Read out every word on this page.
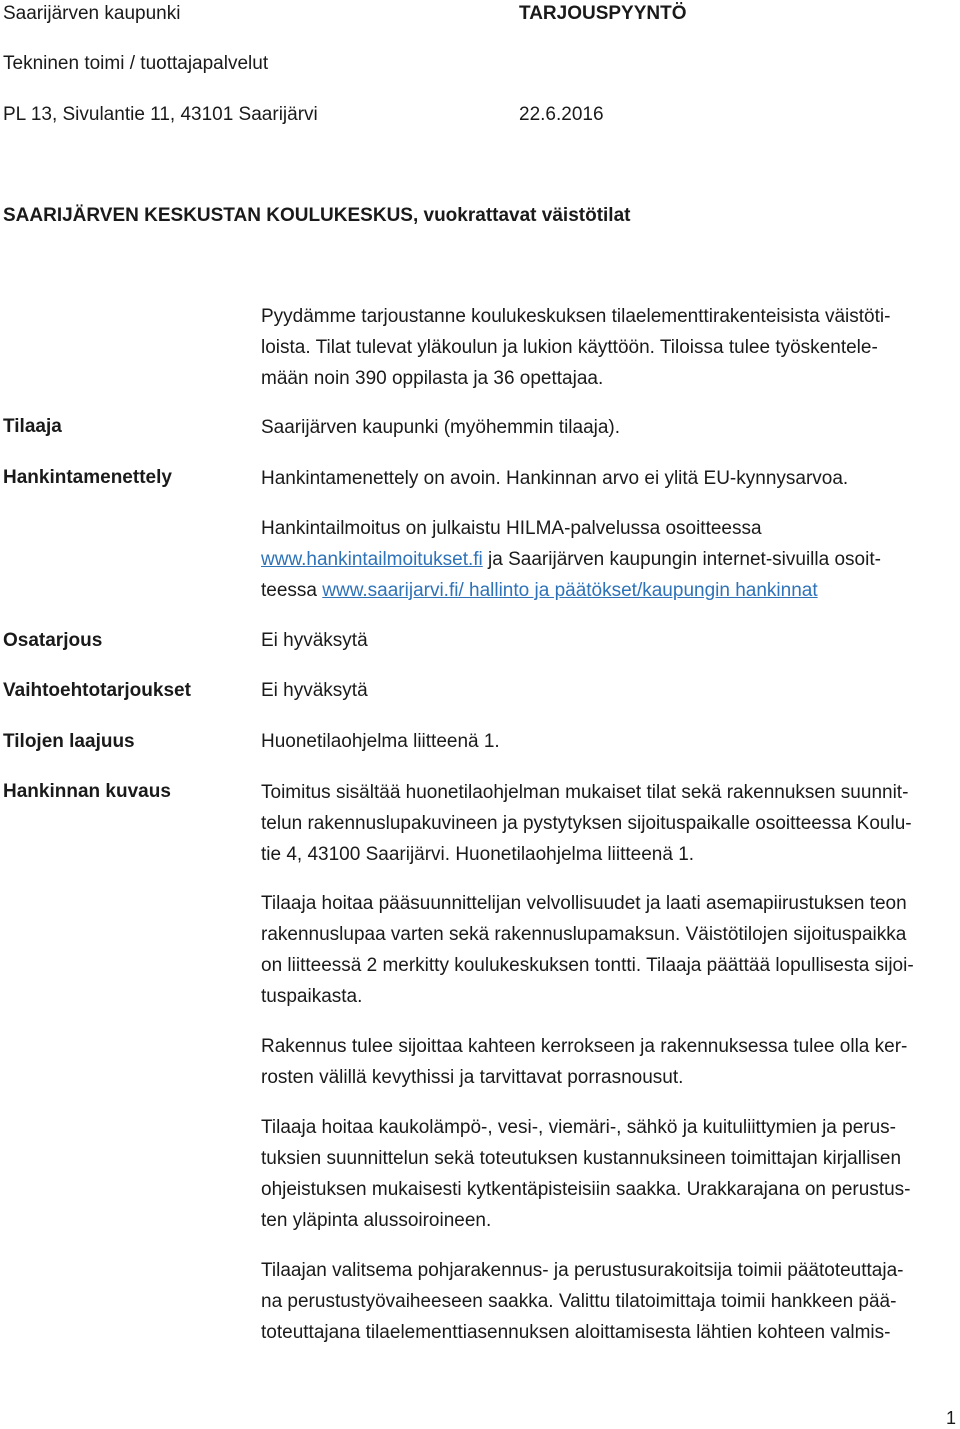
Saarijärven kaupunki	TARJOUSPYYNTÖ
Tekninen toimi / tuottajapalvelut
PL 13, Sivulantie 11, 43101 Saarijärvi	22.6.2016
SAARIJÄRVEN KESKUSTAN KOULUKESKUS, vuokrattavat väistötilat
Pyydämme tarjoustanne koulukeskuksen tilaelementtirakenteisista väistöti-
loista. Tilat tulevat yläkoulun ja lukion käyttöön. Tiloissa tulee työskentele-
mään noin 390 oppilasta ja 36 opettajaa.
Tilaaja	Saarijärven kaupunki (myöhemmin tilaaja).
Hankintamenettely	Hankintamenettely on avoin. Hankinnan arvo ei ylitä EU-kynnysarvoa.
Hankintailmoitus on julkaistu HILMA-palvelussa osoitteessa
www.hankintailmoitukset.fi ja Saarijärven kaupungin internet-sivuilla osoit-
teessa www.saarijarvi.fi/ hallinto ja päätökset/kaupungin hankinnat
Osatarjous	Ei hyväksytä
Vaihtoehtotarjoukset	Ei hyväksytä
Tilojen laajuus	Huonetilaohjelma liitteenä 1.
Hankinnan kuvaus	Toimitus sisältää huonetilaohjelman mukaiset tilat sekä rakennuksen suunnit-
telun rakennuslupakuvineen ja pystytyksen sijoituspaikalle osoitteessa Koulu-
tie 4, 43100 Saarijärvi. Huonetilaohjelma liitteenä 1.
Tilaaja hoitaa pääsuunnittelijan velvollisuudet ja laati asemapiirustuksen teon
rakennuslupaa varten sekä rakennuslupamaksun. Väistötilojen sijoituspaikka
on liitteessä 2 merkitty koulukeskuksen tontti. Tilaaja päättää lopullisesta sijoi-
tuspaikasta.
Rakennus tulee sijoittaa kahteen kerrokseen ja rakennuksessa tulee olla ker-
rosten välillä kevythissi ja tarvittavat porrasnousut.
Tilaaja hoitaa kaukolämpö-, vesi-, viemäri-, sähkö ja kuituliittymien ja perus-
tuksien suunnittelun sekä toteutuksen kustannuksineen toimittajan kirjallisen
ohjeistuksen mukaisesti kytkentäpisteisiin saakka. Urakkarajana on perustus-
ten yläpinta alussoiroineen.
Tilaajan valitsema pohjarakennus- ja perustusurakoitsija toimii päätoteuttaja-
na perustustyövaiheeseen saakka. Valittu tilatoimittaja toimii hankkeen pää-
toteuttajana tilaelementtiasennuksen aloittamisesta lähtien kohteen valmis-
1
